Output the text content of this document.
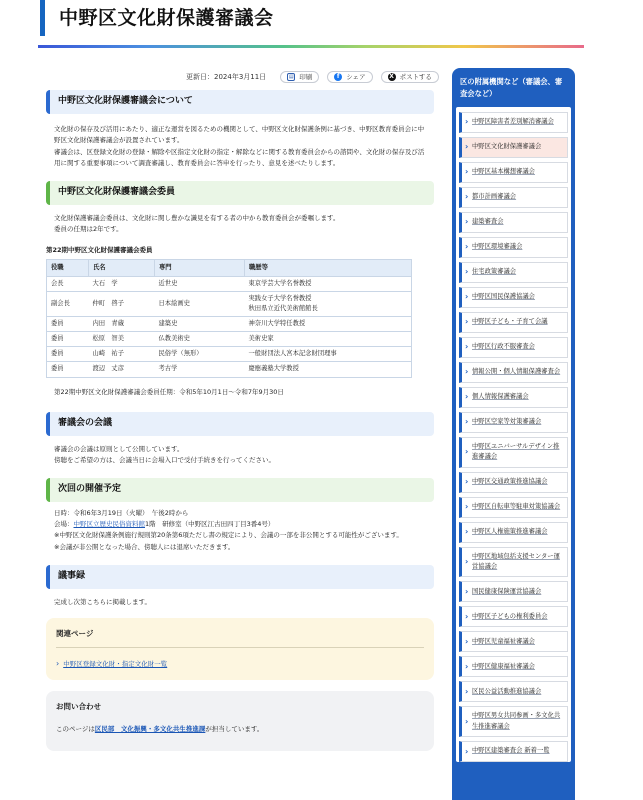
中野区文化財保護審議会
更新日：2024年3月11日	▤ 印刷	f	シェア	X ポストする
中野区文化財保護審議会について

文化財の保存及び活用にあたり、適正な運営を図るための機関として、中野区文化財保護条例に基づき、中野区教育委員会に中野区文化財保護審議会が設置されています。

審議会は、区登録文化財の登録・解除や区指定文化財の指定・解除などに関する教育委員会からの諮問や、文化財の保存及び活用に関する重要事項について調査審議し、教育委員会に答申を行ったり、意見を述べたりします。

中野区文化財保護審議会委員

文化財保護審議会委員は、文化財に関し豊かな識見を有する者の中から教育委員会が委嘱します。

委員の任期は2年です。

第22期中野区文化財保護審議会委員
役職	氏名	専門	職歴等
会長	大石　学	近世史	東京学芸大学名誉教授
副会長	仲町　啓子	日本絵画史	実践女子大学名誉教授
秋田県立近代美術館館長
委員	内田　青蔵	建築史	神奈川大学特任教授
委員	松原　智美	仏教美術史	美術史家
委員	山崎　祐子	民俗学（無形）	一般財団法人宮本記念財団理事
委員	渡辺　丈彦	考古学	慶應義塾大学教授
第22期中野区文化財保護審議会委員任期：令和5年10月1日～令和7年9月30日
審議会の会議

審議会の会議は原則として公開しています。

傍聴をご希望の方は、会議当日に会場入口で受付手続きを行ってください。

次回の開催予定

日時：令和6年3月19日（火曜）　午後2時から

会場：中野区立歴史民俗資料館1階　研修室（中野区江古田四丁目3番4号）

※中野区文化財保護条例施行規則第20条第6項ただし書の規定により、会議の一部を非公開とする可能性がございます。

※会議が非公開となった場合、傍聴人には退席いただきます。

議事録
完成し次第こちらに掲載します。
関連ページ
› 中野区登録文化財・指定文化財一覧
お問い合わせ

このページは区民部　文化振興・多文化共生推進課が担当しています。

区の附属機関など（審議会、審査会など）
› 中野区障害者差別解消審議会
› 中野区文化財保護審議会
› 中野区基本構想審議会
› 都市計画審議会
› 建築審査会
› 中野区環境審議会
› 住宅政策審議会
› 中野区国民保護協議会
› 中野区子ども・子育て会議
› 中野区行政不服審査会
› 情報公開・個人情報保護審査会
› 個人情報保護審議会
› 中野区空家等対策審議会
› 中野区ユニバーサルデザイン推進審議会
› 中野区交通政策推進協議会
› 中野区自転車等駐車対策協議会
› 中野区人権施策推進審議会
› 中野区地域包括支援センター運営協議会
› 国民健康保険運営協議会
› 中野区子どもの権利委員会
› 中野区児童福祉審議会
› 中野区健康福祉審議会
› 区民公益活動推進協議会
› 中野区男女共同参画・多文化共生推進審議会
› 中野区建築審査会 新着一覧
